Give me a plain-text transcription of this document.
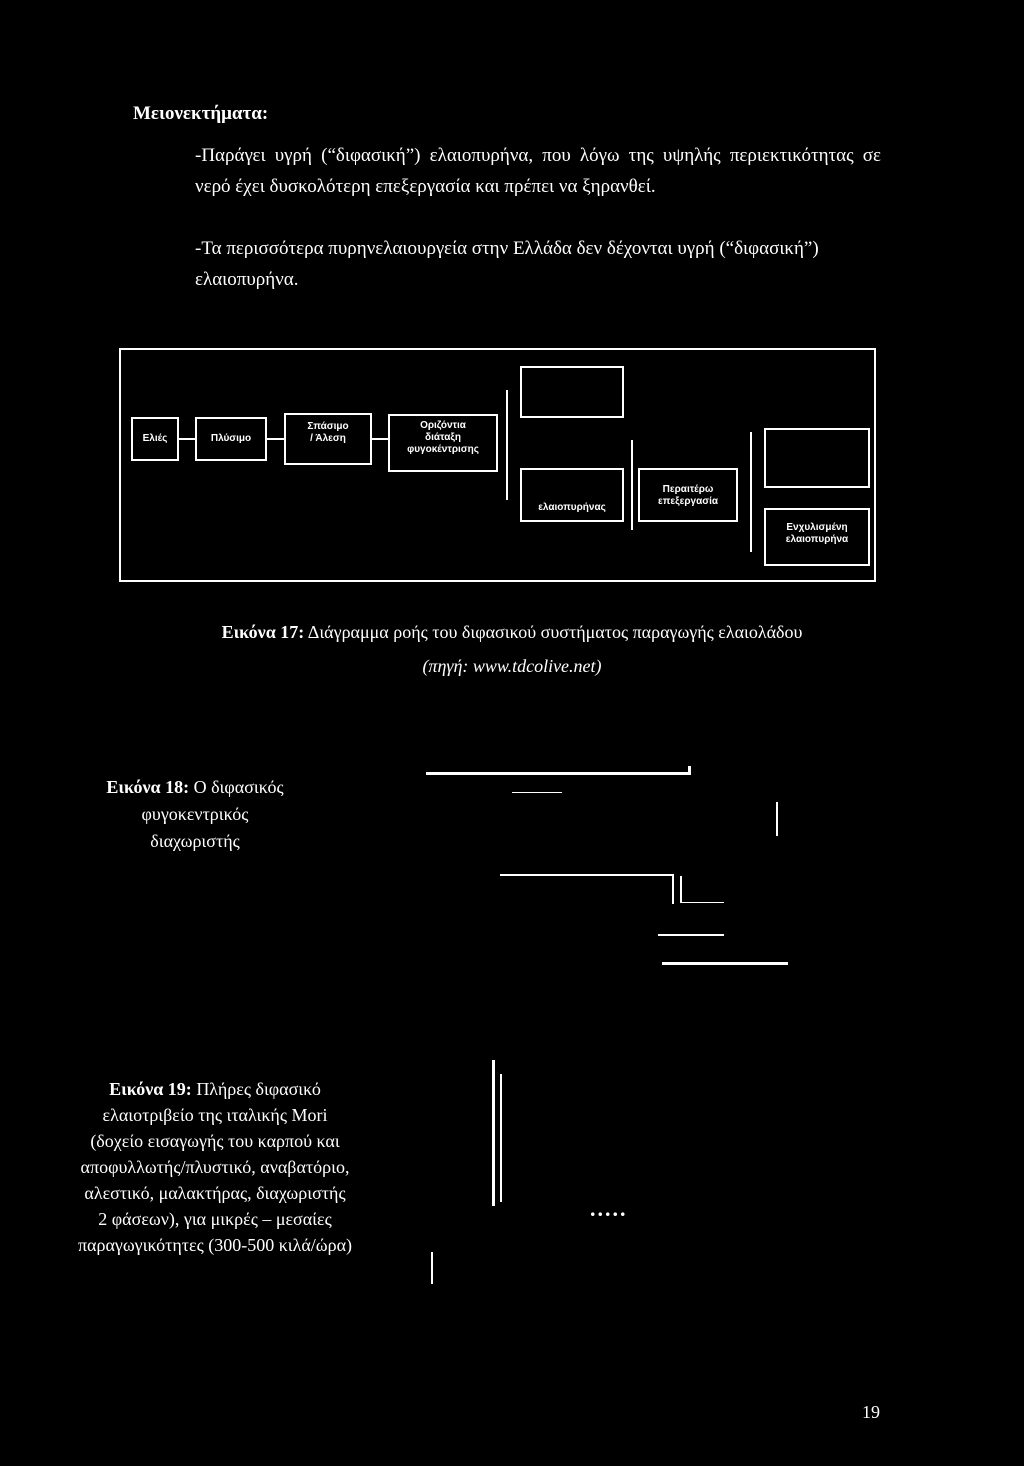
Μειονεκτήματα:
-Παράγει υγρή (“διφασική”) ελαιοπυρήνα, που λόγω της υψηλής περιεκτικότητας σε νερό έχει δυσκολότερη επεξεργασία και πρέπει να ξηρανθεί.
-Τα περισσότερα πυρηνελαιουργεία στην Ελλάδα δεν δέχονται υγρή (“διφασική”) ελαιοπυρήνα.
Ελιές	Πλύσιμο
Σπάσιμο
/ Άλεση
Οριζόντια
διάταξη
φυγοκέντρισης
ελαιοπυρήνας
Περαιτέρω
επεξεργασία
Ενχυλισμένη
ελαιοπυρήνα
Εικόνα 17: Διάγραμμα ροής του διφασικού συστήματος παραγωγής ελαιολάδου
(πηγή: www.tdcolive.net)
Εικόνα 18: Ο διφασικός
φυγοκεντρικός
διαχωριστής
Εικόνα 19: Πλήρες διφασικό
ελαιοτριβείο της ιταλικής Mori
(δοχείο εισαγωγής του καρπού και
αποφυλλωτής/πλυστικό, αναβατόριο,
αλεστικό, μαλακτήρας, διαχωριστής
2 φάσεων), για μικρές – μεσαίες
παραγωγικότητες (300-500 κιλά/ώρα)
.....
19
